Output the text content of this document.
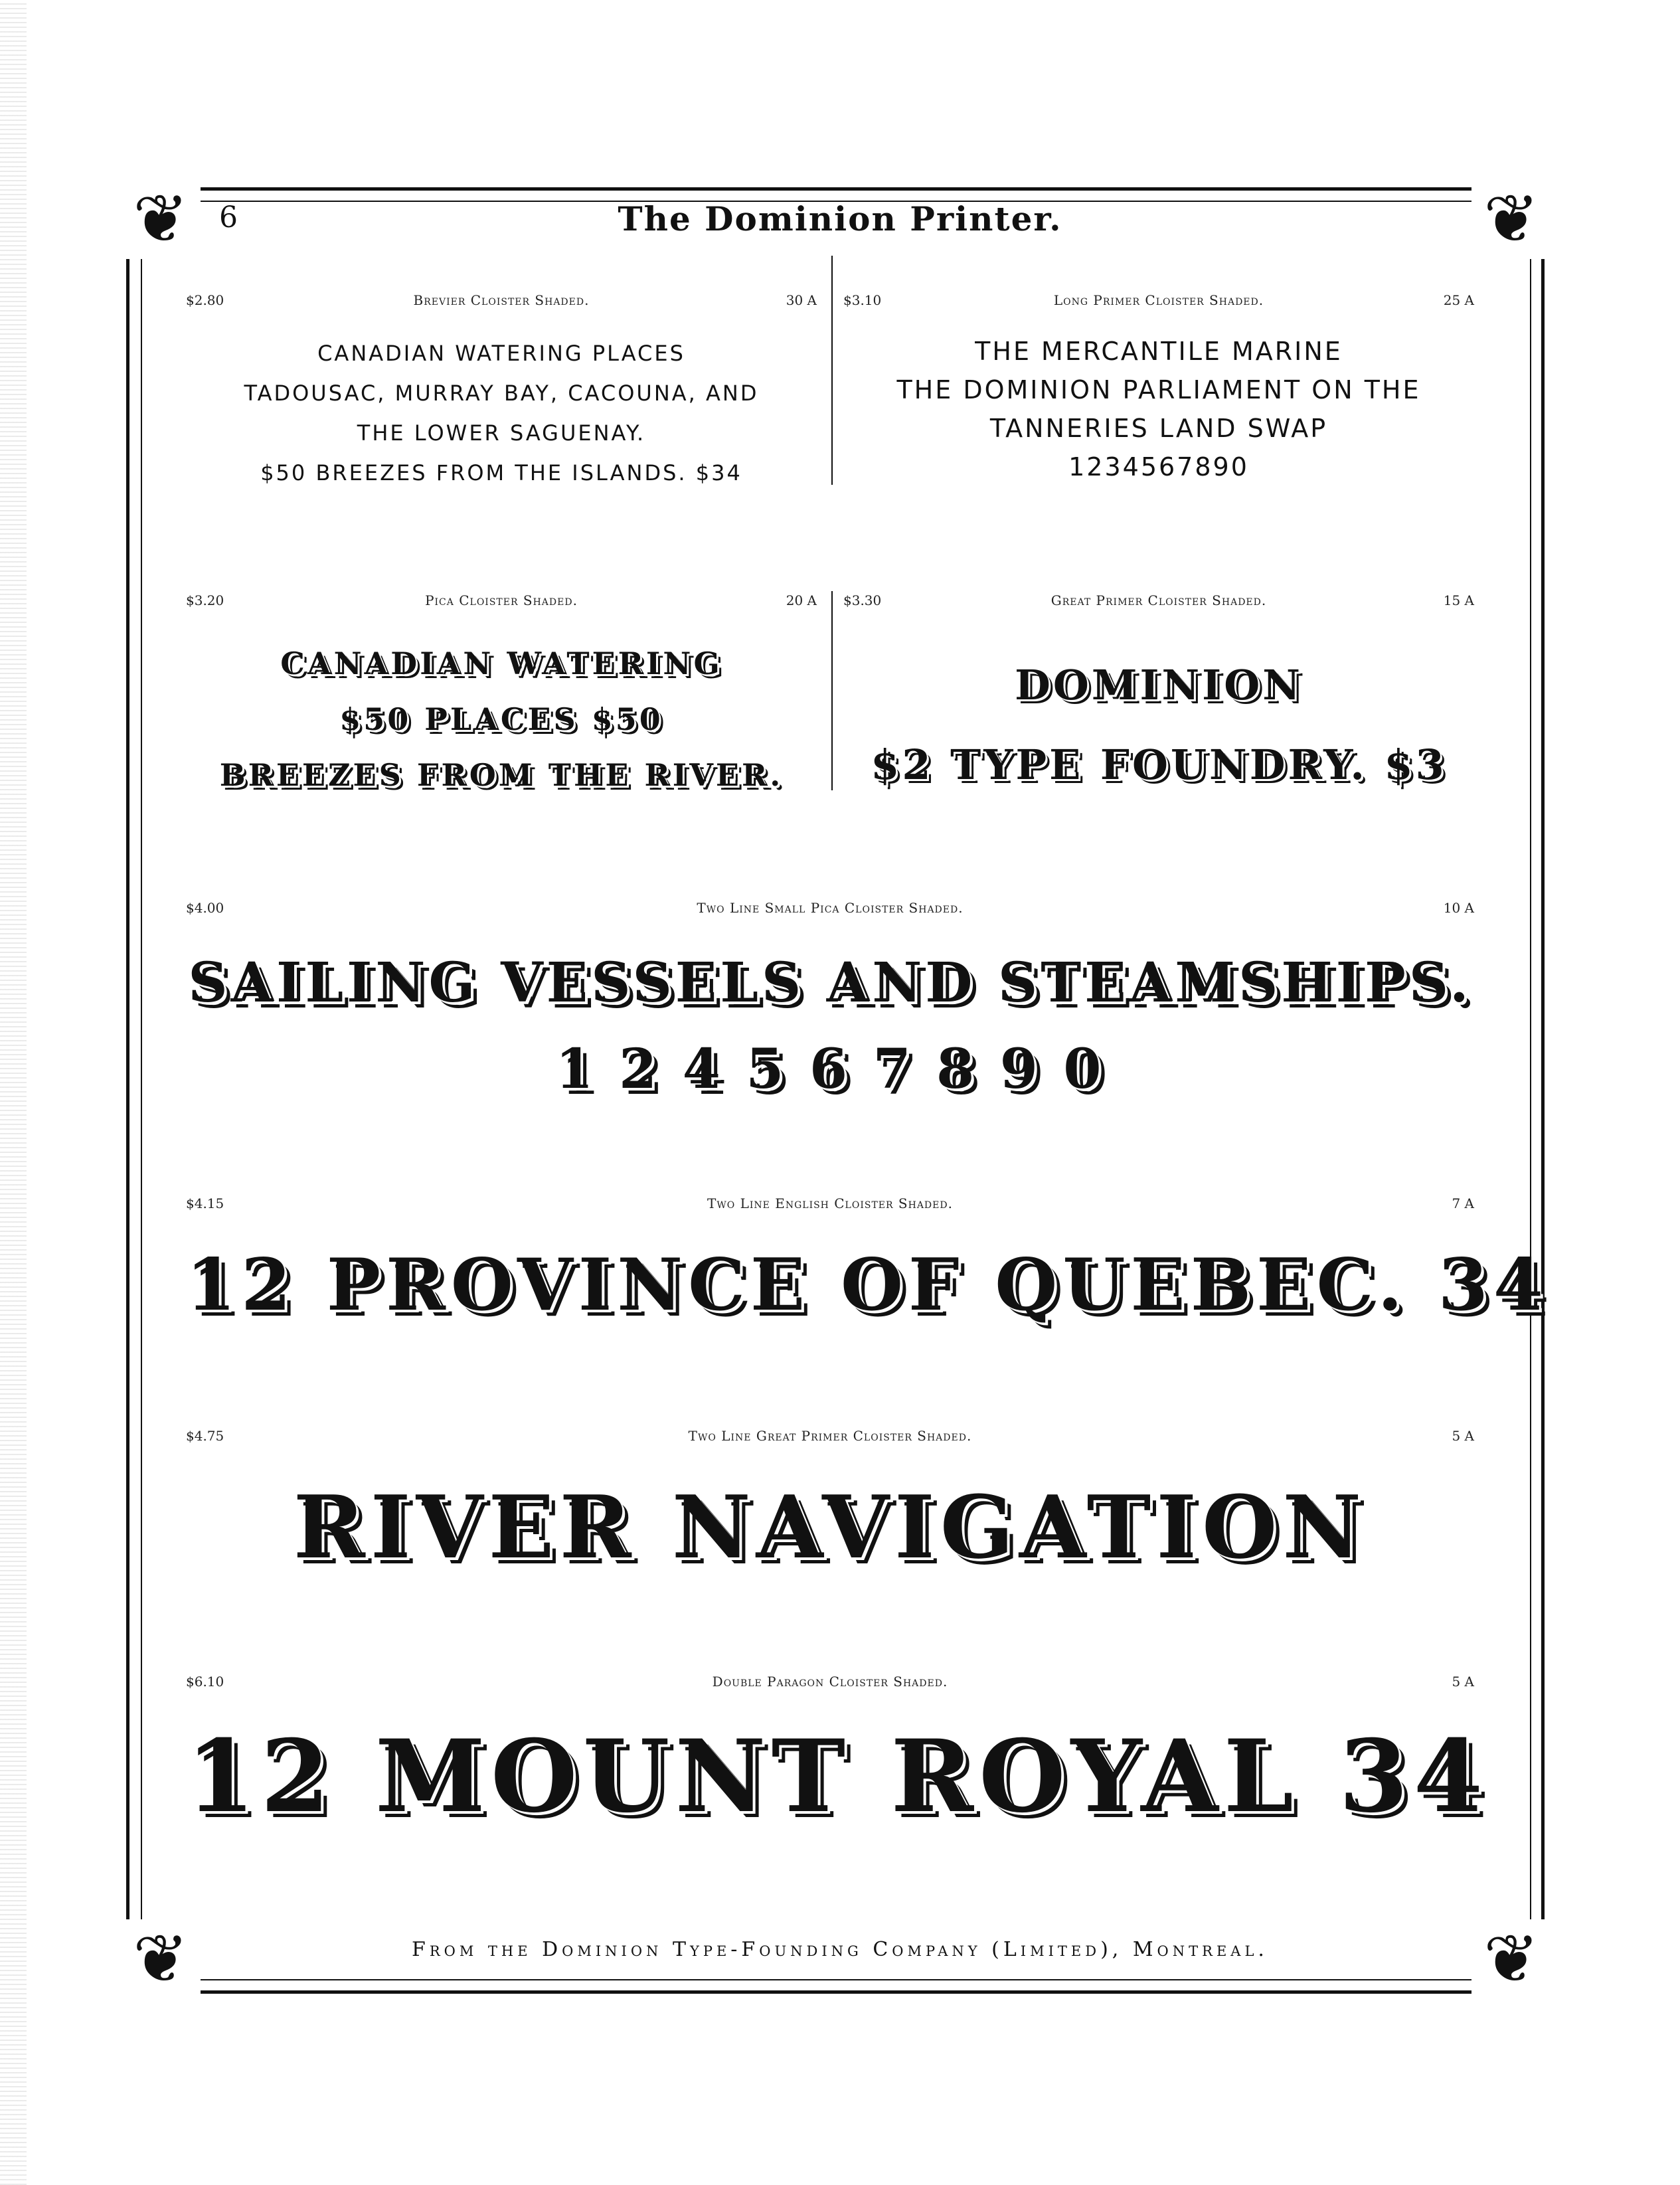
❦	❦
❦	❦
6	The Dominion Printer.
$2.80	Brevier Cloister Shaded.	30 A
CANADIAN WATERING PLACES
TADOUSAC, MURRAY BAY, CACOUNA, AND
THE LOWER SAGUENAY.
$50 BREEZES FROM THE ISLANDS. $34
$3.10	Long Primer Cloister Shaded.	25 A
THE MERCANTILE MARINE
THE DOMINION PARLIAMENT ON THE
TANNERIES LAND SWAP
1234567890
$3.20	Pica Cloister Shaded.	20 A
CANADIAN WATERING
$50 PLACES $50
BREEZES FROM THE RIVER.
$3.30	Great Primer Cloister Shaded.	15 A
DOMINION
$2 TYPE FOUNDRY. $3
$4.00	Two Line Small Pica Cloister Shaded.	10 A
SAILING VESSELS AND STEAMSHIPS.
1 2 4 5 6 7 8 9 0
$4.15	Two Line English Cloister Shaded.	7 A
12 PROVINCE OF QUEBEC. 34
$4.75	Two Line Great Primer Cloister Shaded.	5 A
RIVER NAVIGATION
$6.10	Double Paragon Cloister Shaded.	5 A
12 MOUNT ROYAL 34
From the Dominion Type-Founding Company (Limited), Montreal.
